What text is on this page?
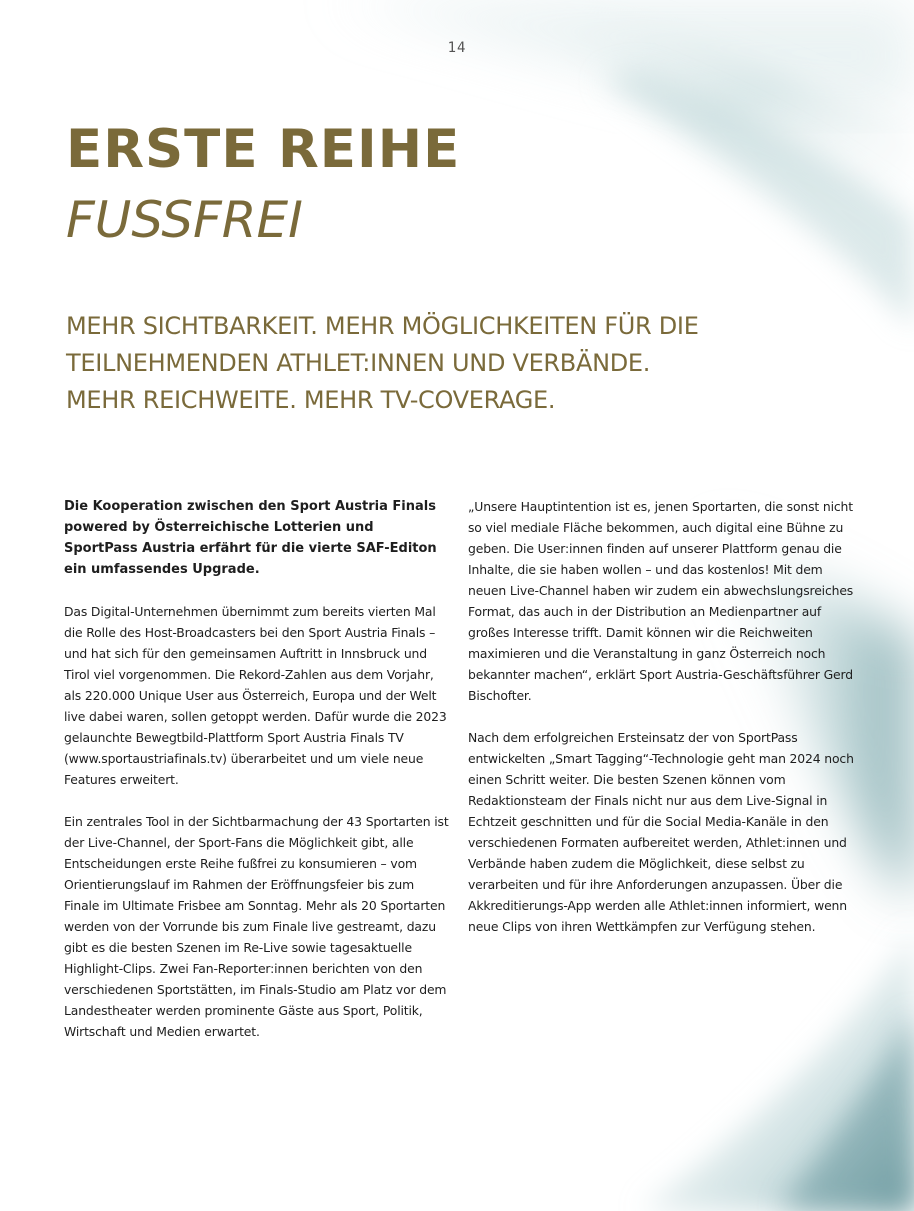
14
ERSTE REIHE
FUSSFREI
MEHR SICHTBARKEIT. MEHR MÖGLICHKEITEN FÜR DIE
TEILNEHMENDEN ATHLET:INNEN UND VERBÄNDE.
MEHR REICHWEITE. MEHR TV-COVERAGE.

Die Kooperation zwischen den Sport Austria Finals powered by Österreichische Lotterien und SportPass Austria erfährt für die vierte SAF-Editon ein umfassendes Upgrade.

Das Digital-Unternehmen übernimmt zum bereits vierten Mal die Rolle des Host-Broadcasters bei den Sport Austria Finals – und hat sich für den gemeinsamen Auftritt in Innsbruck und Tirol viel vorgenommen. Die Rekord-Zahlen aus dem Vorjahr, als 220.000 Unique User aus Österreich, Europa und der Welt live dabei waren, sollen getoppt werden. Dafür wurde die 2023 gelaunchte Bewegtbild-Plattform Sport Austria Finals TV (www.sportaustriafinals.tv) überarbeitet und um viele neue Features erweitert.

Ein zentrales Tool in der Sichtbarmachung der 43 Sportarten ist der Live-Channel, der Sport-Fans die Möglichkeit gibt, alle Entscheidungen erste Reihe fußfrei zu konsumieren – vom Orientierungslauf im Rahmen der Eröffnungsfeier bis zum Finale im Ultimate Frisbee am Sonntag. Mehr als 20 Sportarten werden von der Vorrunde bis zum Finale live gestreamt, dazu gibt es die besten Szenen im Re-Live sowie tagesaktuelle Highlight-Clips. Zwei Fan-Reporter:innen berichten von den verschiedenen Sportstätten, im Finals-Studio am Platz vor dem Landestheater werden prominente Gäste aus Sport, Politik, Wirtschaft und Medien erwartet.

„Unsere Hauptintention ist es, jenen Sportarten, die sonst nicht so viel mediale Fläche bekommen, auch digital eine Bühne zu geben. Die User:innen finden auf unserer Plattform genau die Inhalte, die sie haben wollen – und das kostenlos! Mit dem neuen Live-Channel haben wir zudem ein abwechslungsreiches Format, das auch in der Distribution an Medienpartner auf großes Interesse trifft. Damit können wir die Reichweiten maximieren und die Veranstaltung in ganz Österreich noch bekannter machen“, erklärt Sport Austria-Geschäftsführer Gerd Bischofter.

Nach dem erfolgreichen Ersteinsatz der von SportPass entwickelten „Smart Tagging“-Technologie geht man 2024 noch einen Schritt weiter. Die besten Szenen können vom Redaktionsteam der Finals nicht nur aus dem Live-Signal in Echtzeit geschnitten und für die Social Media-Kanäle in den verschiedenen Formaten aufbereitet werden, Athlet:innen und Verbände haben zudem die Möglichkeit, diese selbst zu verarbeiten und für ihre Anforderungen anzupassen. Über die Akkreditierungs-App werden alle Athlet:innen informiert, wenn neue Clips von ihren Wettkämpfen zur Verfügung stehen.
